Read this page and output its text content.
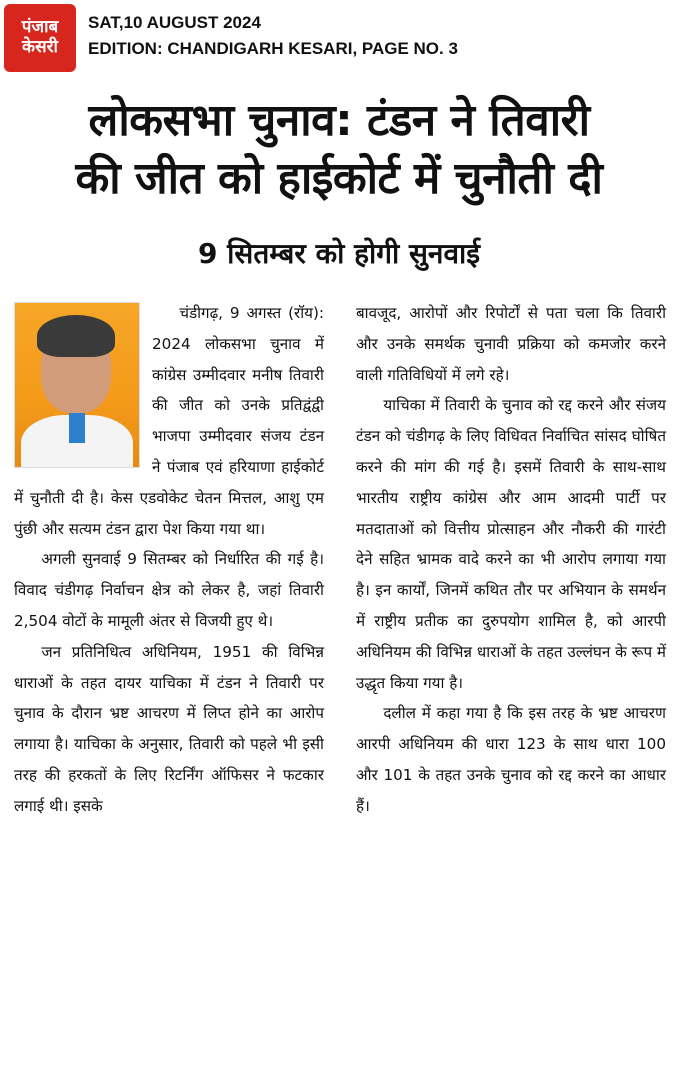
पंजाब
केसरी
SAT,10 AUGUST 2024
EDITION: CHANDIGARH KESARI, PAGE NO. 3
लोकसभा चुनाव: टंडन ने तिवारी
की जीत को हाईकोर्ट में चुनौती दी
9 सितम्बर को होगी सुनवाई

चंडीगढ़, 9 अगस्त (रॉय): 2024 लोकसभा चुनाव में कांग्रेस उम्मीदवार मनीष तिवारी की जीत को उनके प्रतिद्वंद्वी भाजपा उम्मीदवार संजय टंडन ने पंजाब एवं हरियाणा हाईकोर्ट में चुनौती दी है। केस एडवोकेट चेतन मित्तल, आशु एम पुंछी और सत्यम टंडन द्वारा पेश किया गया था।

अगली सुनवाई 9 सितम्बर को निर्धारित की गई है। विवाद चंडीगढ़ निर्वाचन क्षेत्र को लेकर है, जहां तिवारी 2,504 वोटों के मामूली अंतर से विजयी हुए थे।

जन प्रतिनिधित्व अधिनियम, 1951 की विभिन्न धाराओं के तहत दायर याचिका में टंडन ने तिवारी पर चुनाव के दौरान भ्रष्ट आचरण में लिप्त होने का आरोप लगाया है। याचिका के अनुसार, तिवारी को पहले भी इसी तरह की हरकतों के लिए रिटर्निंग ऑफिसर ने फटकार लगाई थी। इसके

बावजूद, आरोपों और रिपोर्टों से पता चला कि तिवारी और उनके समर्थक चुनावी प्रक्रिया को कमजोर करने वाली गतिविधियों में लगे रहे।

याचिका में तिवारी के चुनाव को रद्द करने और संजय टंडन को चंडीगढ़ के लिए विधिवत निर्वाचित सांसद घोषित करने की मांग की गई है। इसमें तिवारी के साथ-साथ भारतीय राष्ट्रीय कांग्रेस और आम आदमी पार्टी पर मतदाताओं को वित्तीय प्रोत्साहन और नौकरी की गारंटी देने सहित भ्रामक वादे करने का भी आरोप लगाया गया है। इन कार्यों, जिनमें कथित तौर पर अभियान के समर्थन में राष्ट्रीय प्रतीक का दुरुपयोग शामिल है, को आरपी अधिनियम की विभिन्न धाराओं के तहत उल्लंघन के रूप में उद्धृत किया गया है।

दलील में कहा गया है कि इस तरह के भ्रष्ट आचरण आरपी अधिनियम की धारा 123 के साथ धारा 100 और 101 के तहत उनके चुनाव को रद्द करने का आधार हैं।
